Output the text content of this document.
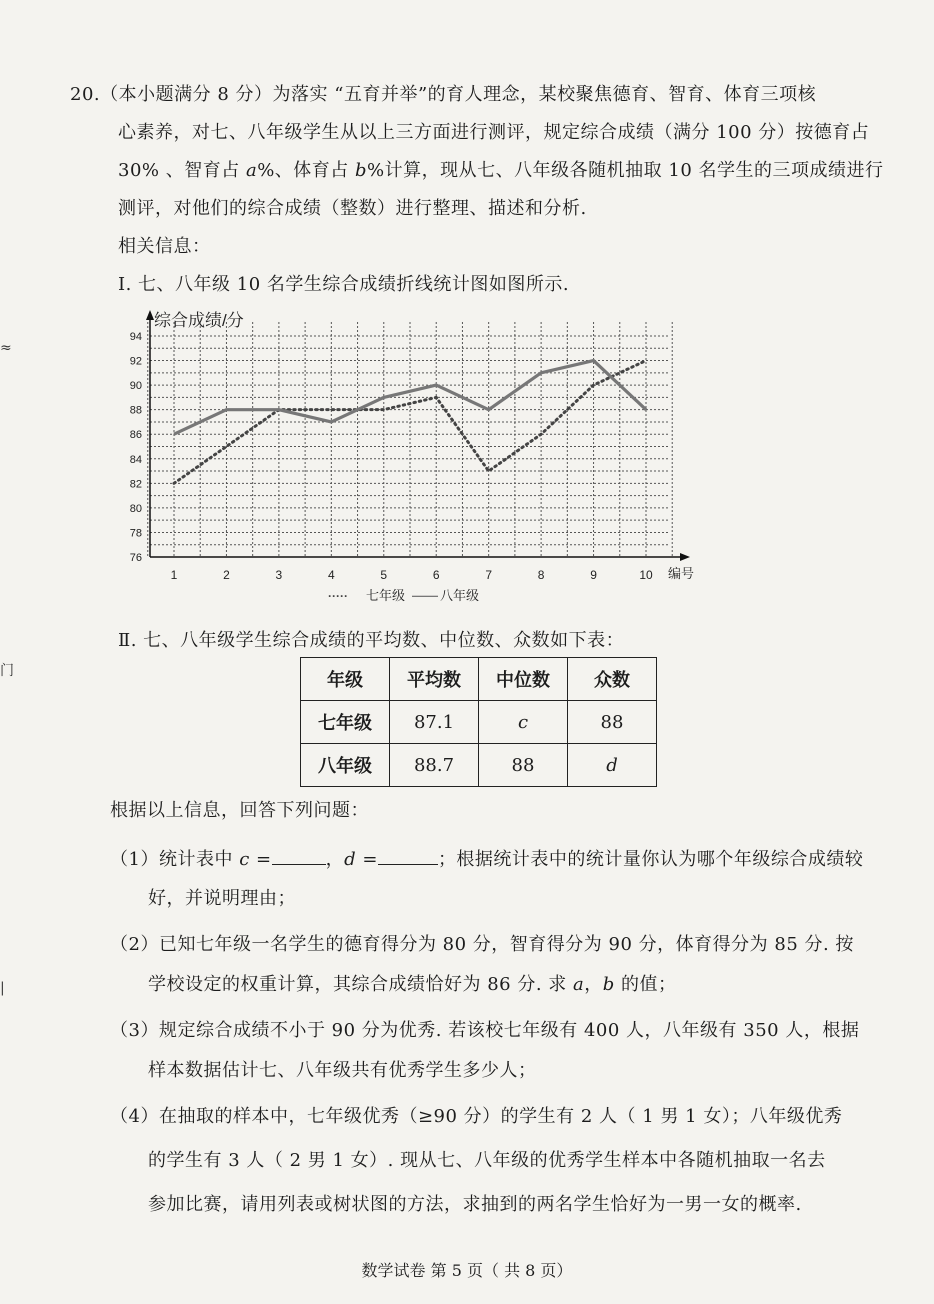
≈
门
|
20.（本小题满分 8 分）为落实 “五育并举”的育人理念，某校聚焦德育、智育、体育三项核
心素养，对七、八年级学生从以上三方面进行测评，规定综合成绩（满分 100 分）按德育占
30% 、智育占 a%、体育占 b%计算，现从七、八年级各随机抽取 10 名学生的三项成绩进行
测评，对他们的综合成绩（整数）进行整理、描述和分析.
相关信息：
Ⅰ. 七、八年级 10 名学生综合成绩折线统计图如图所示.
综合成绩/分
76
78
80
82
84
86
88
90
92
94
1	2	3	4	5	6	7	8	9	10 编号
····· 七年级 —— 八年级
Ⅱ. 七、八年级学生综合成绩的平均数、中位数、众数如下表：
年级	平均数	中位数	众数
七年级	87.1	c	88
八年级	88.7	88	d
根据以上信息，回答下列问题：
（1）统计表中 c =	，d =	；根据统计表中的统计量你认为哪个年级综合成绩较
好，并说明理由；
（2）已知七年级一名学生的德育得分为 80 分，智育得分为 90 分，体育得分为 85 分. 按
学校设定的权重计算，其综合成绩恰好为 86 分. 求 a，b 的值；
（3）规定综合成绩不小于 90 分为优秀. 若该校七年级有 400 人，八年级有 350 人，根据
样本数据估计七、八年级共有优秀学生多少人；
（4）在抽取的样本中，七年级优秀（≥90 分）的学生有 2 人（ 1 男 1 女）；八年级优秀
的学生有 3 人（ 2 男 1 女）. 现从七、八年级的优秀学生样本中各随机抽取一名去
参加比赛，请用列表或树状图的方法，求抽到的两名学生恰好为一男一女的概率.
数学试卷 第 5 页（ 共 8 页）
